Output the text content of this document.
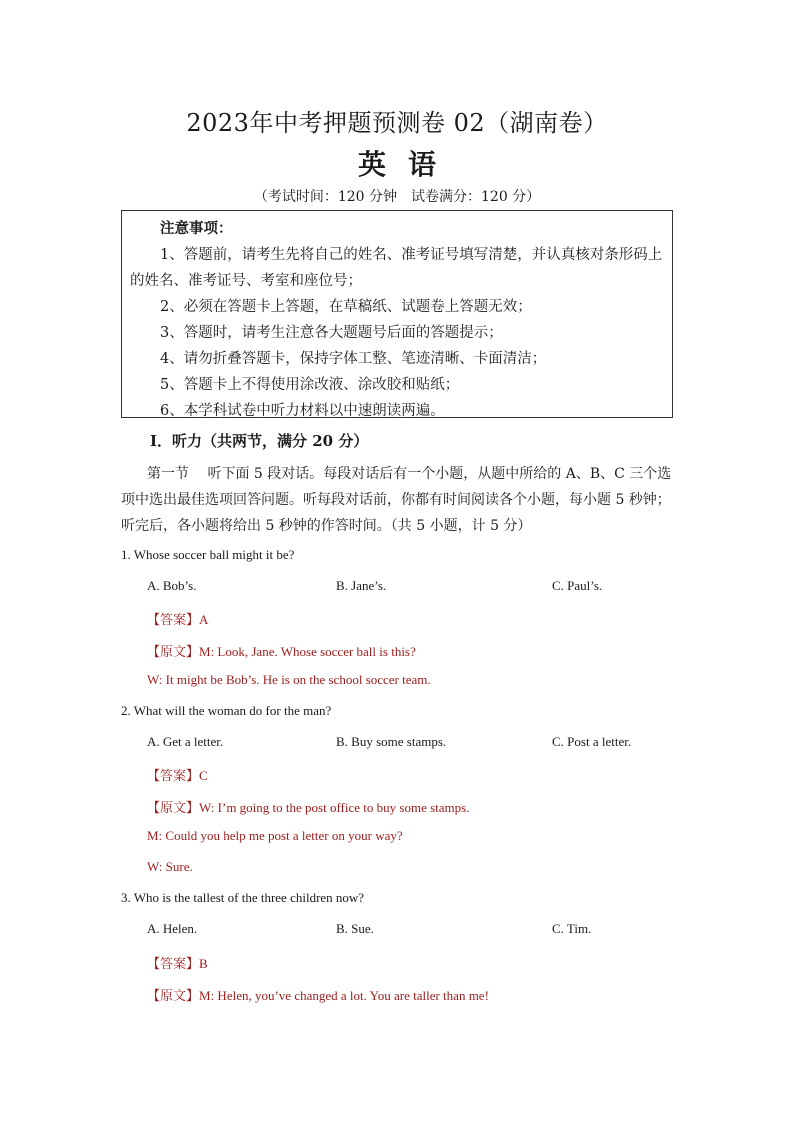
2023年中考押题预测卷 02（湖南卷）
英语
（考试时间：120 分钟　试卷满分：120 分）
注意事项：
1、答题前，请考生先将自己的姓名、准考证号填写清楚，并认真核对条形码上的姓名、准考证号、考室和座位号；
2、必须在答题卡上答题，在草稿纸、试题卷上答题无效；
3、答题时，请考生注意各大题题号后面的答题提示；
4、请勿折叠答题卡，保持字体工整、笔迹清晰、卡面清洁；
5、答题卡上不得使用涂改液、涂改胶和贴纸；
6、本学科试卷中听力材料以中速朗读两遍。
I．听力（共两节，满分 20 分）
第一节　 听下面 5 段对话。每段对话后有一个小题，从题中所给的 A、B、C 三个选项中选出最佳选项回答问题。听每段对话前，你都有时间阅读各个小题，每小题 5 秒钟；听完后，各小题将给出 5 秒钟的作答时间。（共 5 小题，计 5 分）
1. Whose soccer ball might it be?
A. Bob’s.	B. Jane’s.	C. Paul’s.
【答案】A
【原文】M: Look, Jane. Whose soccer ball is this?
W: It might be Bob’s. He is on the school soccer team.
2. What will the woman do for the man?
A. Get a letter.	B. Buy some stamps.	C. Post a letter.
【答案】C
【原文】W: I’m going to the post office to buy some stamps.
M: Could you help me post a letter on your way?
W: Sure.
3. Who is the tallest of the three children now?
A. Helen.	B. Sue.	C. Tim.
【答案】B
【原文】M: Helen, you’ve changed a lot. You are taller than me!
